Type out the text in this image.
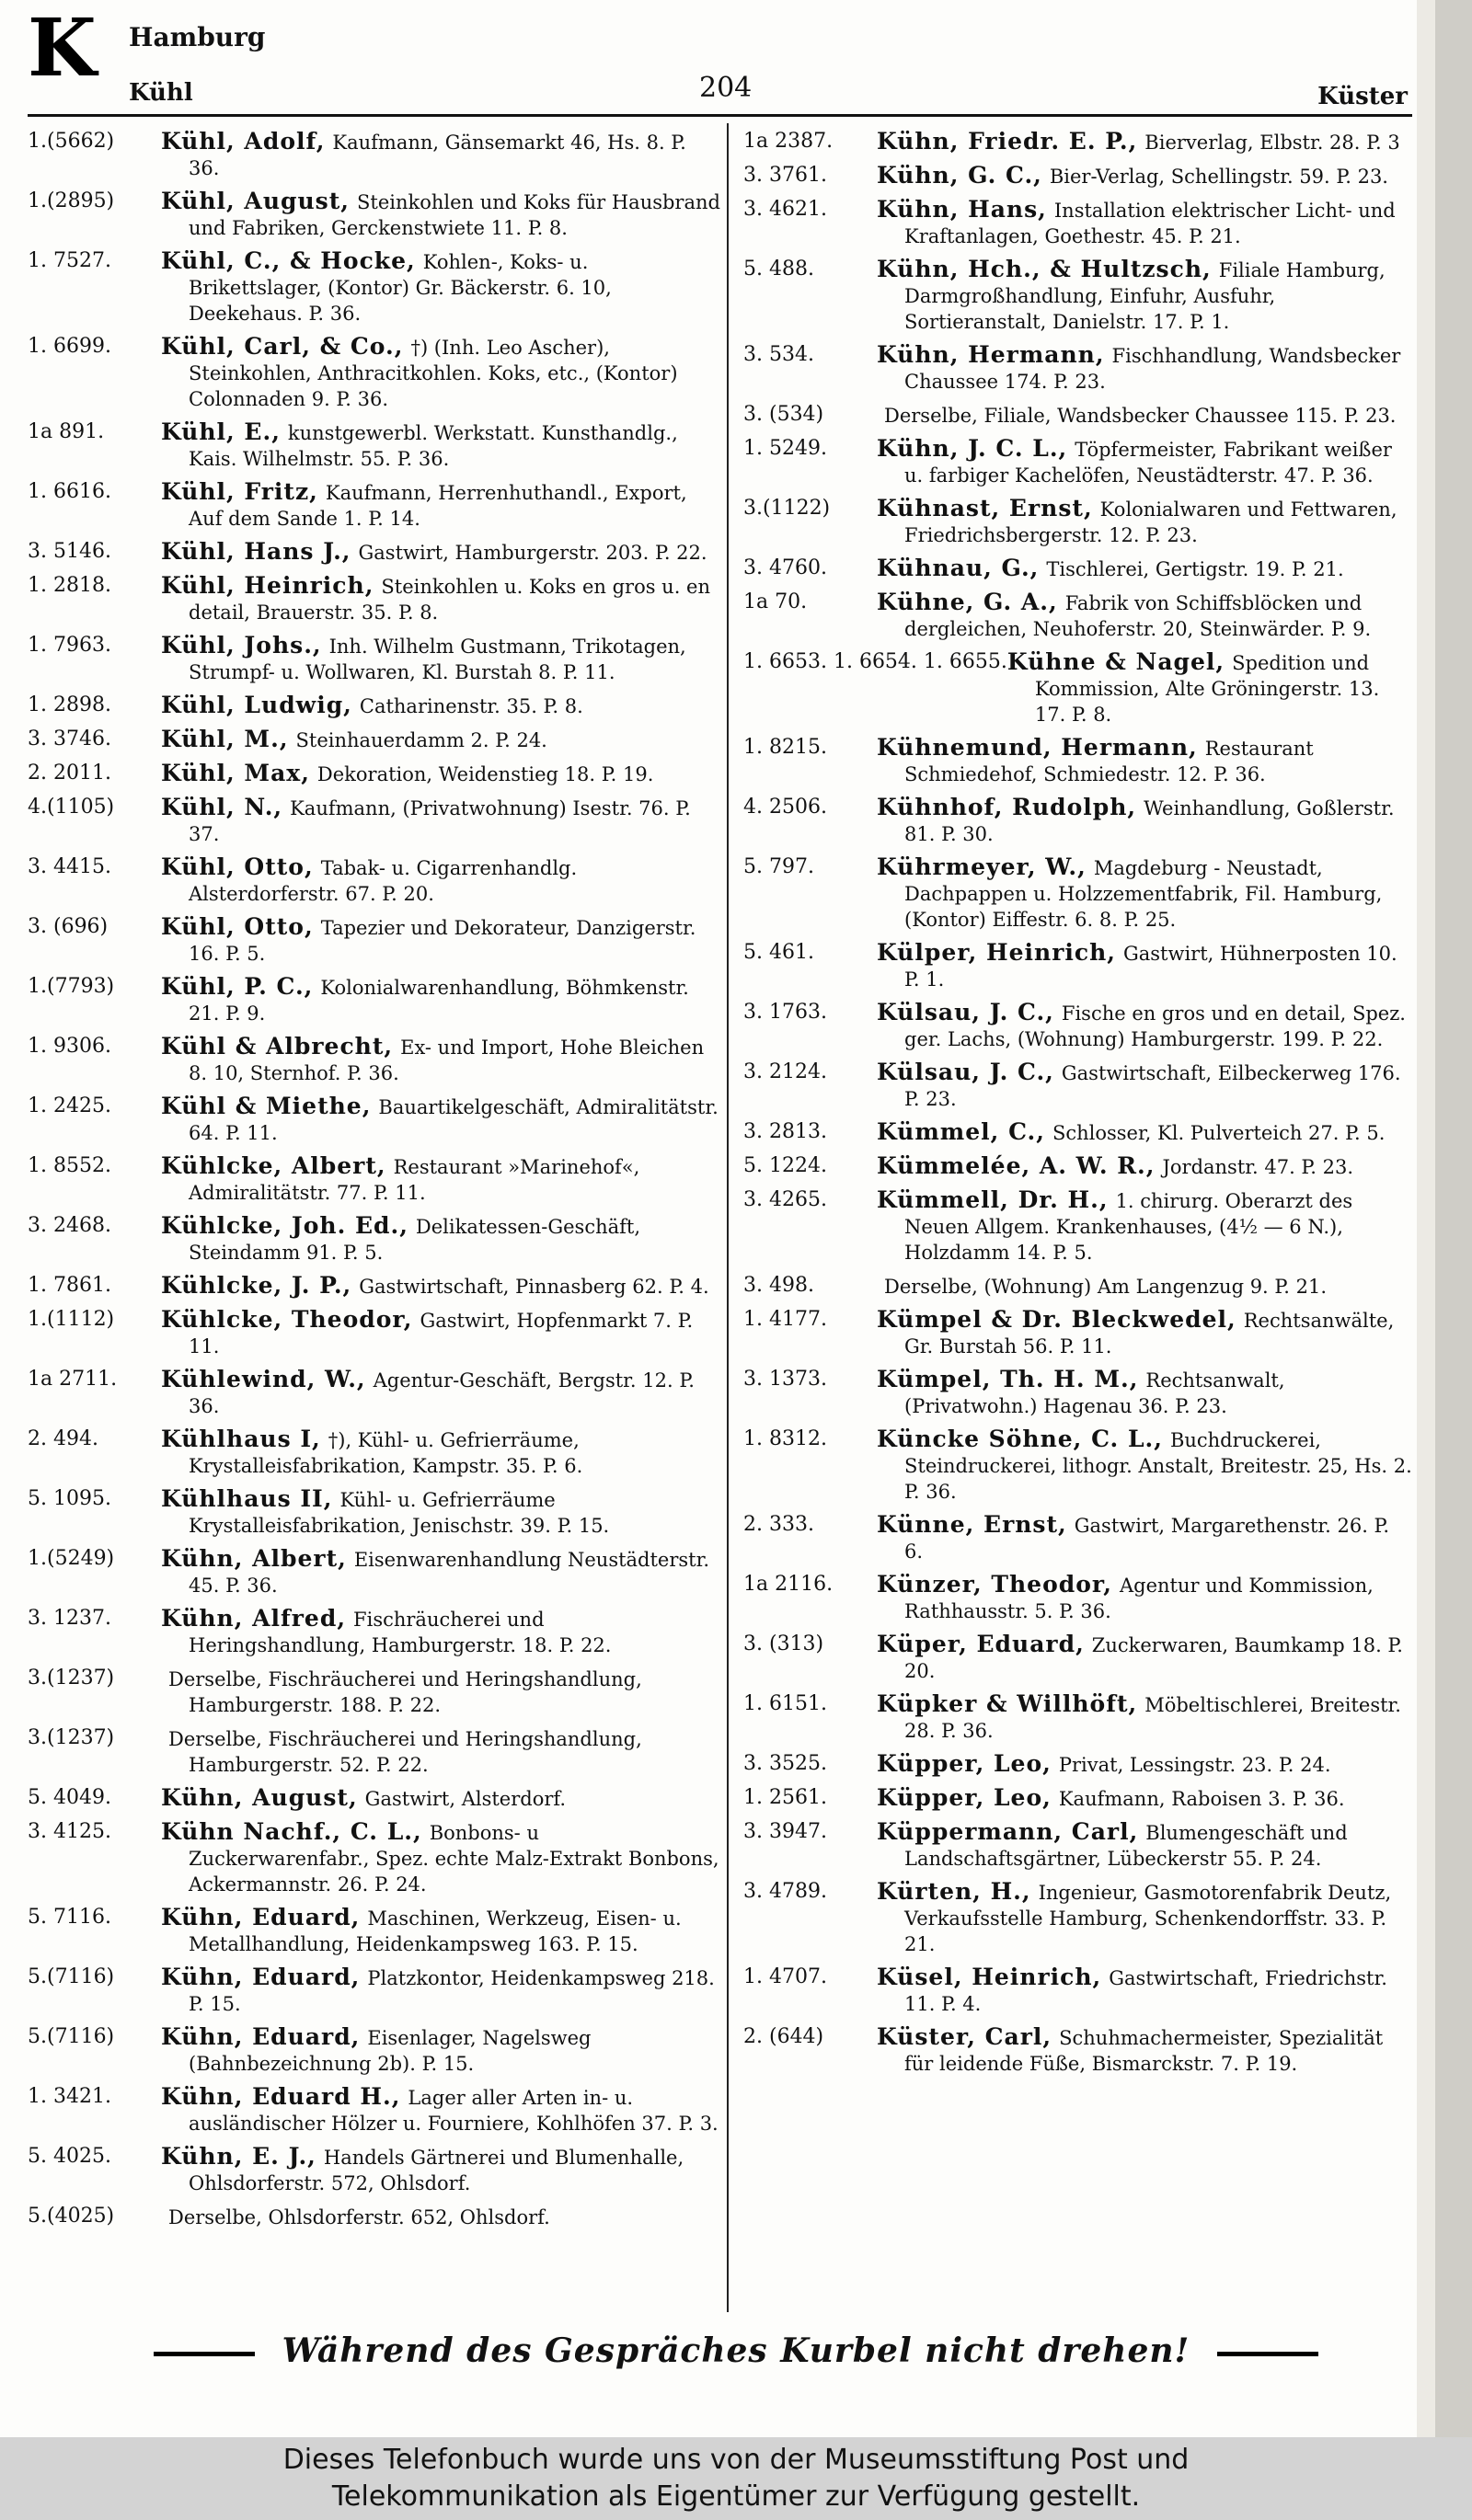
K Hamburg
Kühl	204	Küster
1.(5662)	Kühl, Adolf, Kaufmann, Gänsemarkt 46, Hs. 8. P. 36.
1.(2895)	Kühl, August, Steinkohlen und Koks für Hausbrand und Fabriken, Gerckenstwiete 11. P. 8.
1. 7527.	Kühl, C., & Hocke, Kohlen-, Koks- u. Brikettslager, (Kontor) Gr. Bäckerstr. 6. 10, Deekehaus. P. 36.
1. 6699.	Kühl, Carl, & Co., †) (Inh. Leo Ascher), Steinkohlen, Anthracitkohlen. Koks, etc., (Kontor) Colonnaden 9. P. 36.
1a 891.	Kühl, E., kunstgewerbl. Werkstatt. Kunsthandlg., Kais. Wilhelmstr. 55. P. 36.
1. 6616.	Kühl, Fritz, Kaufmann, Herrenhuthandl., Export, Auf dem Sande 1. P. 14.
3. 5146.	Kühl, Hans J., Gastwirt, Hamburgerstr. 203. P. 22.
1. 2818.	Kühl, Heinrich, Steinkohlen u. Koks en gros u. en detail, Brauerstr. 35. P. 8.
1. 7963.	Kühl, Johs., Inh. Wilhelm Gustmann, Trikotagen, Strumpf- u. Wollwaren, Kl. Burstah 8. P. 11.
1. 2898.	Kühl, Ludwig, Catharinenstr. 35. P. 8.
3. 3746.	Kühl, M., Steinhauerdamm 2. P. 24.
2. 2011.	Kühl, Max, Dekoration, Weidenstieg 18. P. 19.
4.(1105)	Kühl, N., Kaufmann, (Privatwohnung) Isestr. 76. P. 37.
3. 4415.	Kühl, Otto, Tabak- u. Cigarrenhandlg. Alsterdorferstr. 67. P. 20.
3. (696)	Kühl, Otto, Tapezier und Dekorateur, Danzigerstr. 16. P. 5.
1.(7793)	Kühl, P. C., Kolonialwarenhandlung, Böhmkenstr. 21. P. 9.
1. 9306.	Kühl & Albrecht, Ex- und Import, Hohe Bleichen 8. 10, Sternhof. P. 36.
1. 2425.	Kühl & Miethe, Bauartikelgeschäft, Admiralitätstr. 64. P. 11.
1. 8552.	Kühlcke, Albert, Restaurant »Marinehof«, Admiralitätstr. 77. P. 11.
3. 2468.	Kühlcke, Joh. Ed., Delikatessen-Geschäft, Steindamm 91. P. 5.
1. 7861.	Kühlcke, J. P., Gastwirtschaft, Pinnasberg 62. P. 4.
1.(1112)	Kühlcke, Theodor, Gastwirt, Hopfenmarkt 7. P. 11.
1a 2711.	Kühlewind, W., Agentur-Geschäft, Bergstr. 12. P. 36.
2. 494.	Kühlhaus I, †), Kühl- u. Gefrierräume, Krystalleisfabrikation, Kampstr. 35. P. 6.
5. 1095.	Kühlhaus II, Kühl- u. Gefrierräume Krystalleisfabrikation, Jenischstr. 39. P. 15.
1.(5249)	Kühn, Albert, Eisenwarenhandlung Neustädterstr. 45. P. 36.
3. 1237.	Kühn, Alfred, Fischräucherei und Heringshandlung, Hamburgerstr. 18. P. 22.
3.(1237)	Derselbe, Fischräucherei und Heringshandlung, Hamburgerstr. 188. P. 22.
3.(1237)	Derselbe, Fischräucherei und Heringshandlung, Hamburgerstr. 52. P. 22.
5. 4049.	Kühn, August, Gastwirt, Alsterdorf.
3. 4125.	Kühn Nachf., C. L., Bonbons- u Zuckerwarenfabr., Spez. echte Malz-Extrakt Bonbons, Ackermannstr. 26. P. 24.
5. 7116.	Kühn, Eduard, Maschinen, Werkzeug, Eisen- u. Metallhandlung, Heidenkampsweg 163. P. 15.
5.(7116)	Kühn, Eduard, Platzkontor, Heidenkampsweg 218. P. 15.
5.(7116)	Kühn, Eduard, Eisenlager, Nagelsweg (Bahnbezeichnung 2b). P. 15.
1. 3421.	Kühn, Eduard H., Lager aller Arten in- u. ausländischer Hölzer u. Fourniere, Kohlhöfen 37. P. 3.
5. 4025.	Kühn, E. J., Handels Gärtnerei und Blumenhalle, Ohlsdorferstr. 572, Ohlsdorf.
5.(4025)	Derselbe, Ohlsdorferstr. 652, Ohlsdorf.
1a 2387.	Kühn, Friedr. E. P., Bierverlag, Elbstr. 28. P. 3
3. 3761.	Kühn, G. C., Bier-Verlag, Schellingstr. 59. P. 23.
3. 4621.	Kühn, Hans, Installation elektrischer Licht- und Kraftanlagen, Goethestr. 45. P. 21.
5. 488.	Kühn, Hch., & Hultzsch, Filiale Hamburg, Darmgroßhandlung, Einfuhr, Ausfuhr, Sortieranstalt, Danielstr. 17. P. 1.
3. 534.	Kühn, Hermann, Fischhandlung, Wandsbecker Chaussee 174. P. 23.
3. (534)	Derselbe, Filiale, Wandsbecker Chaussee 115. P. 23.
1. 5249.	Kühn, J. C. L., Töpfermeister, Fabrikant weißer u. farbiger Kachelöfen, Neustädterstr. 47. P. 36.
3.(1122)	Kühnast, Ernst, Kolonialwaren und Fettwaren, Friedrichsbergerstr. 12. P. 23.
3. 4760.	Kühnau, G., Tischlerei, Gertigstr. 19. P. 21.
1a 70.	Kühne, G. A., Fabrik von Schiffsblöcken und dergleichen, Neuhoferstr. 20, Steinwärder. P. 9.
1. 6653. 1. 6654. 1. 6655. Kühne & Nagel, Spedition und Kommission, Alte Gröningerstr. 13. 17. P. 8.
1. 8215.	Kühnemund, Hermann, Restaurant Schmiedehof, Schmiedestr. 12. P. 36.
4. 2506.	Kühnhof, Rudolph, Weinhandlung, Goßlerstr. 81. P. 30.
5. 797.	Kührmeyer, W., Magdeburg - Neustadt, Dachpappen u. Holzzementfabrik, Fil. Hamburg, (Kontor) Eiffestr. 6. 8. P. 25.
5. 461.	Külper, Heinrich, Gastwirt, Hühnerposten 10. P. 1.
3. 1763.	Külsau, J. C., Fische en gros und en detail, Spez. ger. Lachs, (Wohnung) Hamburgerstr. 199. P. 22.
3. 2124.	Külsau, J. C., Gastwirtschaft, Eilbeckerweg 176. P. 23.
3. 2813.	Kümmel, C., Schlosser, Kl. Pulverteich 27. P. 5.
5. 1224.	Kümmelée, A. W. R., Jordanstr. 47. P. 23.
3. 4265.	Kümmell, Dr. H., 1. chirurg. Oberarzt des Neuen Allgem. Krankenhauses, (4½ — 6 N.), Holzdamm 14. P. 5.
3. 498.	Derselbe, (Wohnung) Am Langenzug 9. P. 21.
1. 4177.	Kümpel & Dr. Bleckwedel, Rechtsanwälte, Gr. Burstah 56. P. 11.
3. 1373.	Kümpel, Th. H. M., Rechtsanwalt, (Privatwohn.) Hagenau 36. P. 23.
1. 8312.	Küncke Söhne, C. L., Buchdruckerei, Steindruckerei, lithogr. Anstalt, Breitestr. 25, Hs. 2. P. 36.
2. 333.	Künne, Ernst, Gastwirt, Margarethenstr. 26. P. 6.
1a 2116.	Künzer, Theodor, Agentur und Kommission, Rathhausstr. 5. P. 36.
3. (313)	Küper, Eduard, Zuckerwaren, Baumkamp 18. P. 20.
1. 6151.	Küpker & Willhöft, Möbeltischlerei, Breitestr. 28. P. 36.
3. 3525.	Küpper, Leo, Privat, Lessingstr. 23. P. 24.
1. 2561.	Küpper, Leo, Kaufmann, Raboisen 3. P. 36.
3. 3947.	Küppermann, Carl, Blumengeschäft und Landschaftsgärtner, Lübeckerstr 55. P. 24.
3. 4789.	Kürten, H., Ingenieur, Gasmotorenfabrik Deutz, Verkaufsstelle Hamburg, Schenkendorffstr. 33. P. 21.
1. 4707.	Küsel, Heinrich, Gastwirtschaft, Friedrichstr. 11. P. 4.
2. (644)	Küster, Carl, Schuhmachermeister, Spezialität für leidende Füße, Bismarckstr. 7. P. 19.
Während des Gespräches Kurbel nicht drehen!
Dieses Telefonbuch wurde uns von der Museumsstiftung Post und
Telekommunikation als Eigentümer zur Verfügung gestellt.
